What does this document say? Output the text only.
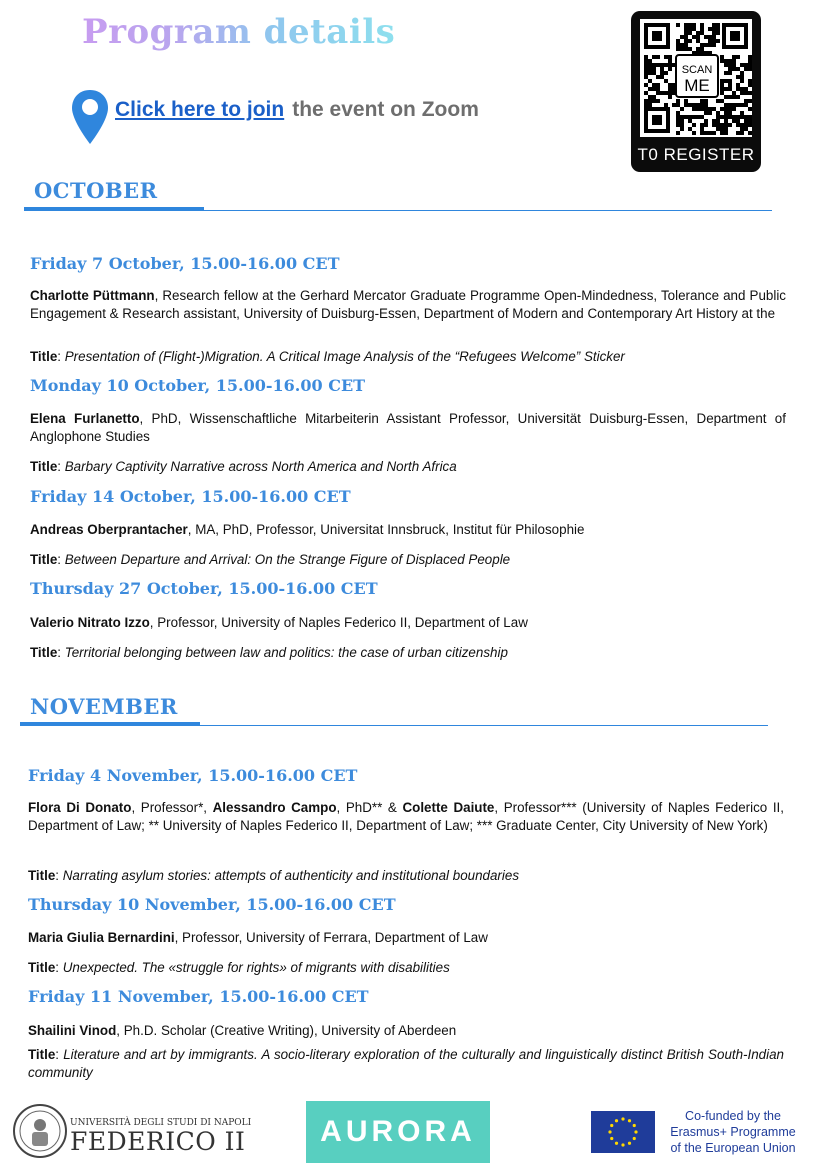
Program details
Click here to join the event on Zoom
SCAN
ME
T0 REGISTER
OCTOBER
Friday 7 October, 15.00-16.00 CET
Charlotte Püttmann, Research fellow at the Gerhard Mercator Graduate Programme Open-Mindedness, Tolerance and Public Engagement & Research assistant, University of Duisburg-Essen, Department of Modern and Contemporary Art History at the
Title: Presentation of (Flight-)Migration. A Critical Image Analysis of the “Refugees Welcome” Sticker
Monday 10 October, 15.00-16.00 CET
Elena Furlanetto, PhD, Wissenschaftliche Mitarbeiterin Assistant Professor, Universität Duisburg-Essen, Department of Anglophone Studies
Title: Barbary Captivity Narrative across North America and North Africa
Friday 14 October, 15.00-16.00 CET
Andreas Oberprantacher, MA, PhD, Professor, Universitat Innsbruck, Institut für Philosophie
Title: Between Departure and Arrival: On the Strange Figure of Displaced People
Thursday 27 October, 15.00-16.00 CET
Valerio Nitrato Izzo, Professor, University of Naples Federico II, Department of Law
Title: Territorial belonging between law and politics: the case of urban citizenship
NOVEMBER
Friday 4 November, 15.00-16.00 CET
Flora Di Donato, Professor*, Alessandro Campo, PhD** & Colette Daiute, Professor*** (University of Naples Federico II, Department of Law; ** University of Naples Federico II, Department of Law; *** Graduate Center, City University of New York)
Title: Narrating asylum stories: attempts of authenticity and institutional boundaries
Thursday 10 November, 15.00-16.00 CET
Maria Giulia Bernardini, Professor, University of Ferrara, Department of Law
Title: Unexpected. The «struggle for rights» of migrants with disabilities
Friday 11 November, 15.00-16.00 CET
Shailini Vinod, Ph.D. Scholar (Creative Writing), University of Aberdeen
Title: Literature and art by immigrants. A socio-literary exploration of the culturally and linguistically distinct British South-Indian community
UNIVERSITÀ DEGLI STUDI DI NAPOLI
FEDERICO II	AURORA	Co-funded by the
Erasmus+ Programme
of the European Union
